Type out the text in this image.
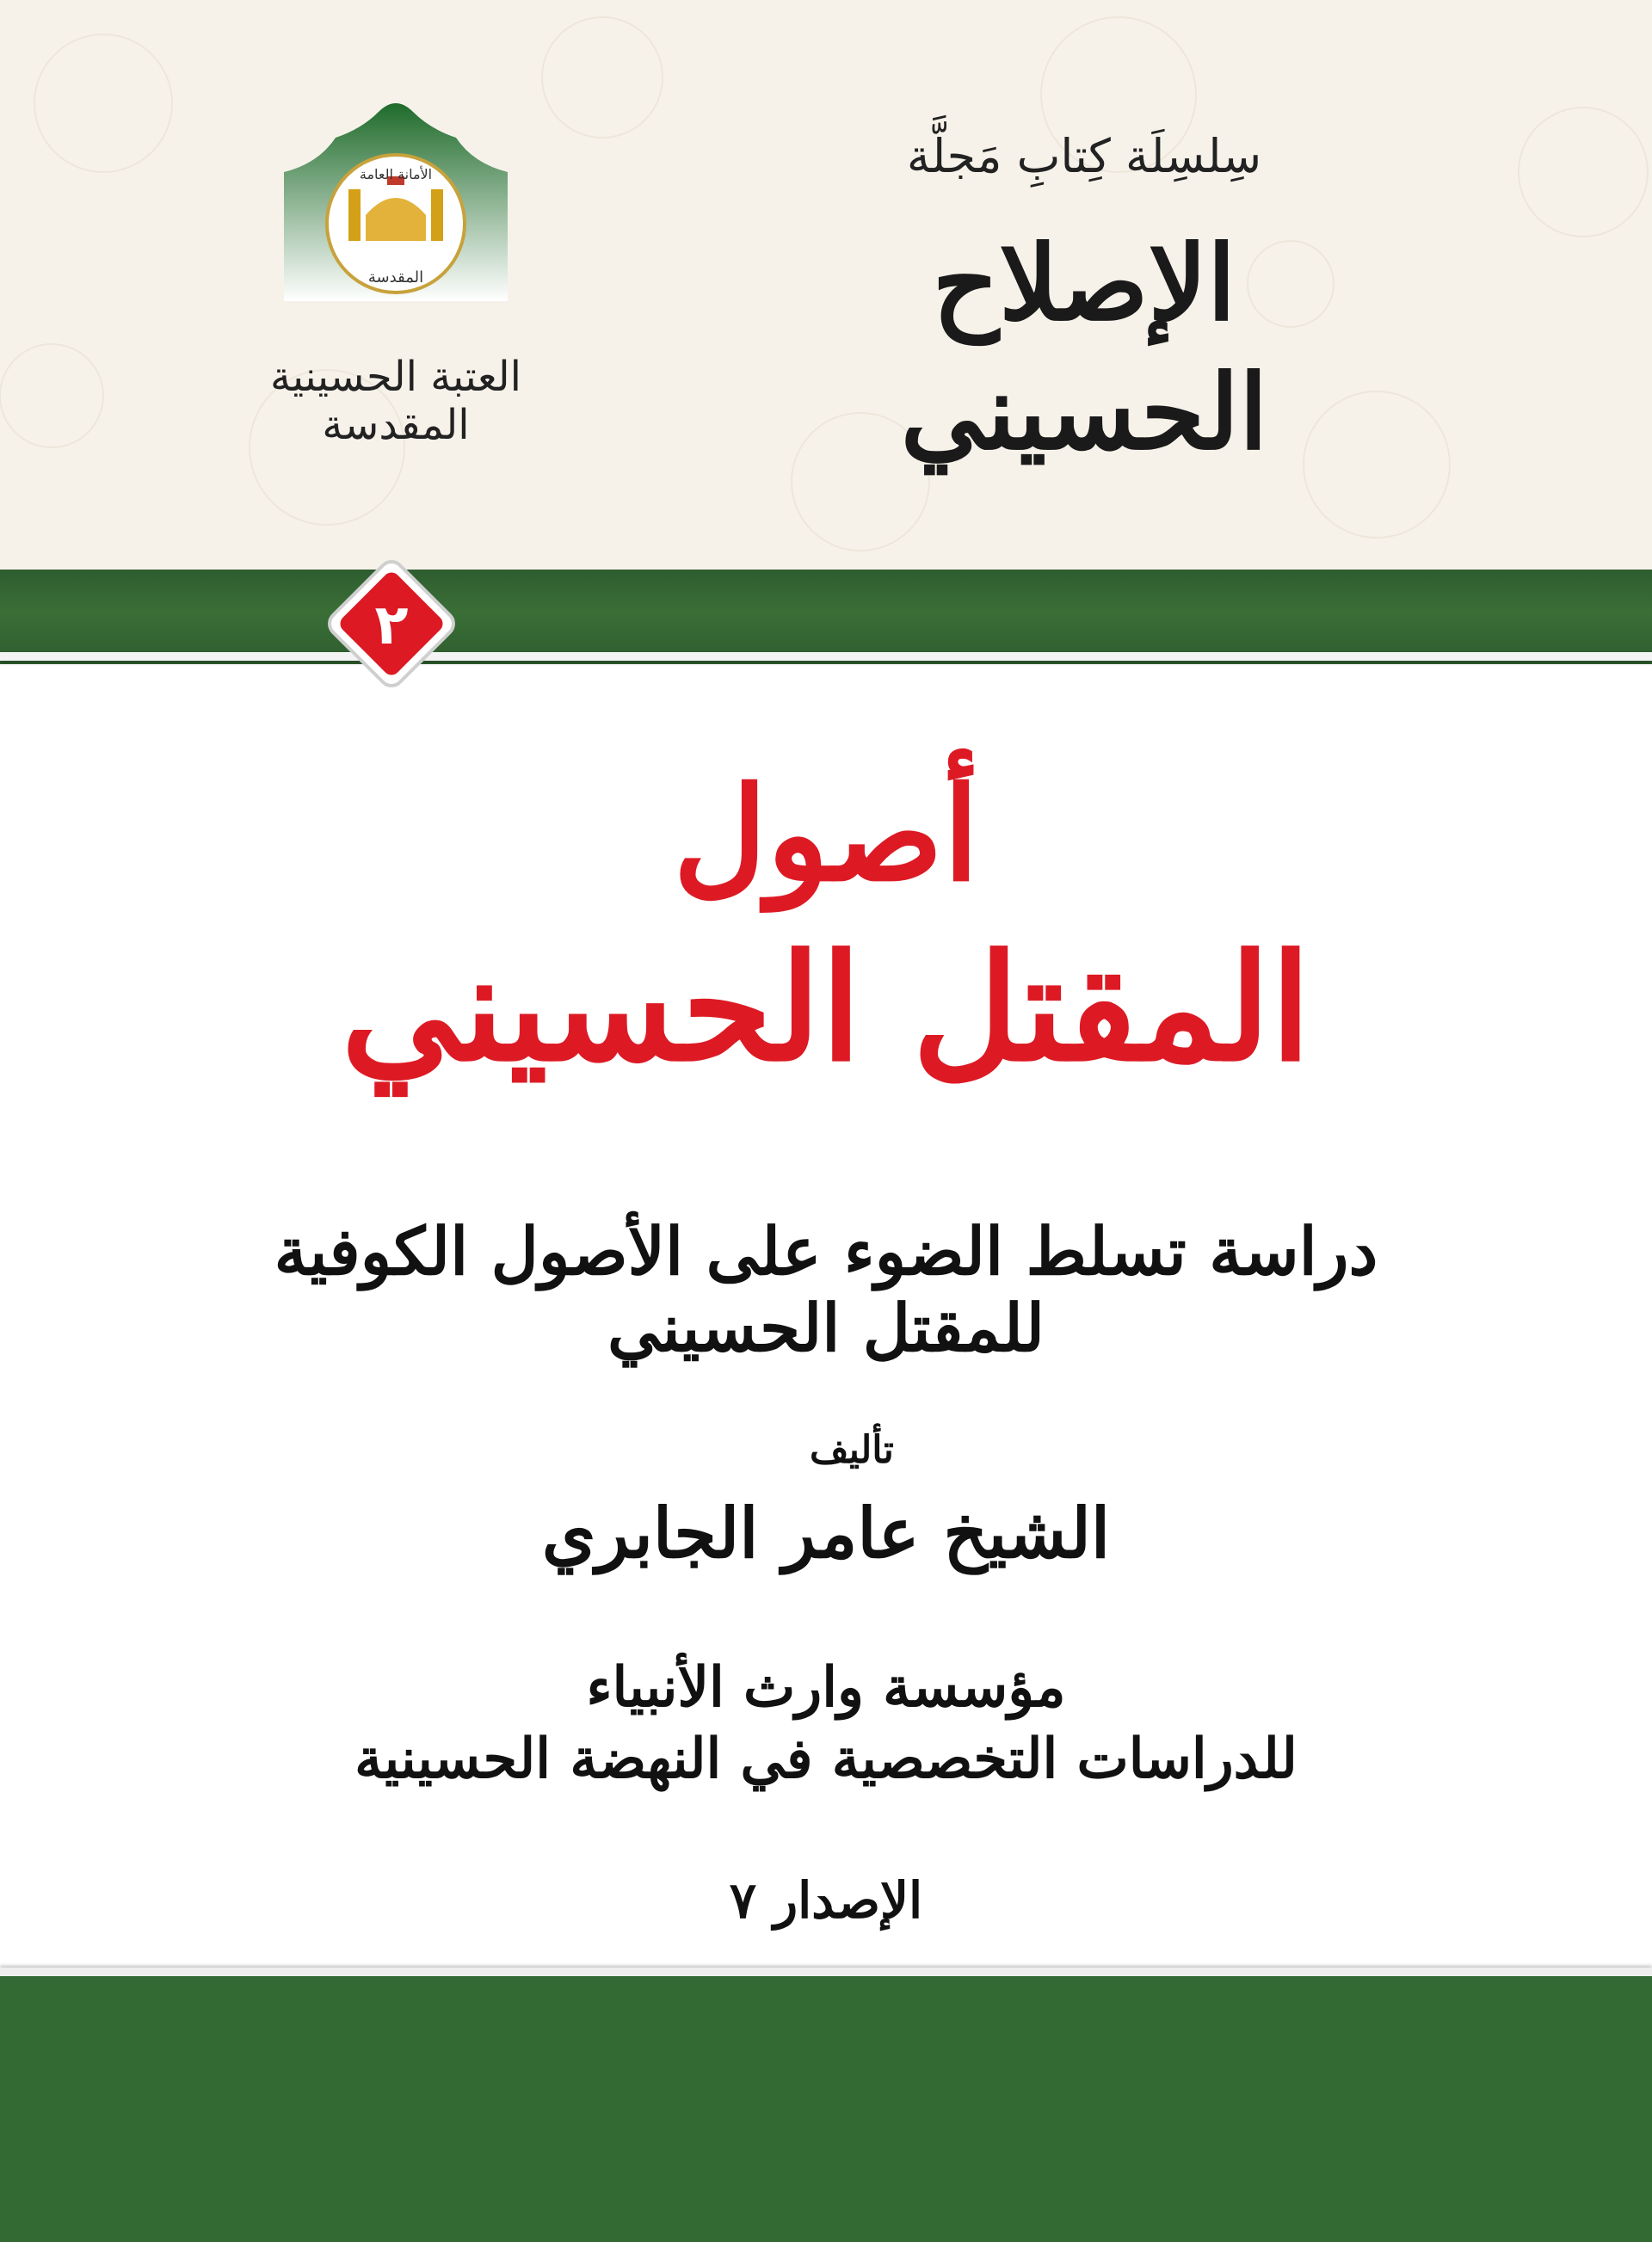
سِلسِلَة كِتابِ مَجلَّة
الإصلاح الحسيني
الأمانة العامة
المقدسة
العتبة الحسينية المقدسة
٢
أصول
المقتل الحسيني
دراسة تسلط الضوء على الأصول الكوفية للمقتل الحسيني
تأليف
الشيخ عامر الجابري
مؤسسة وارث الأنبياء
للدراسات التخصصية في النهضة الحسينية
الإصدار ٧
